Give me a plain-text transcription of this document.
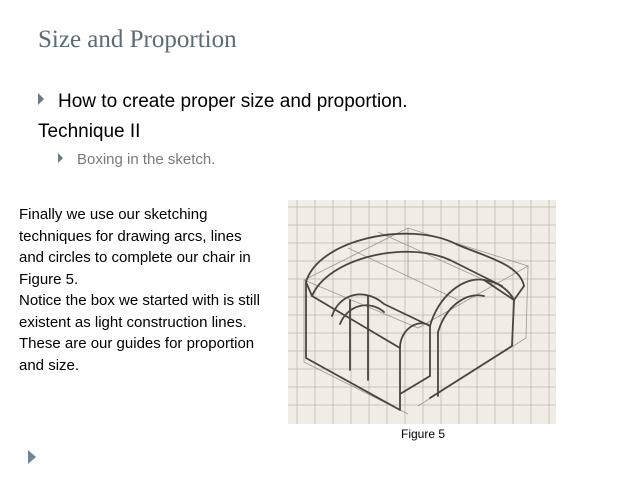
Size and Proportion
How to create proper size and proportion.
Technique II
Boxing in the sketch.

Finally we use our sketching techniques for drawing arcs, lines and circles to complete our chair in Figure 5.

Notice the box we started with is still existent as light construction lines. These are our guides for proportion and size.

Figure 5
